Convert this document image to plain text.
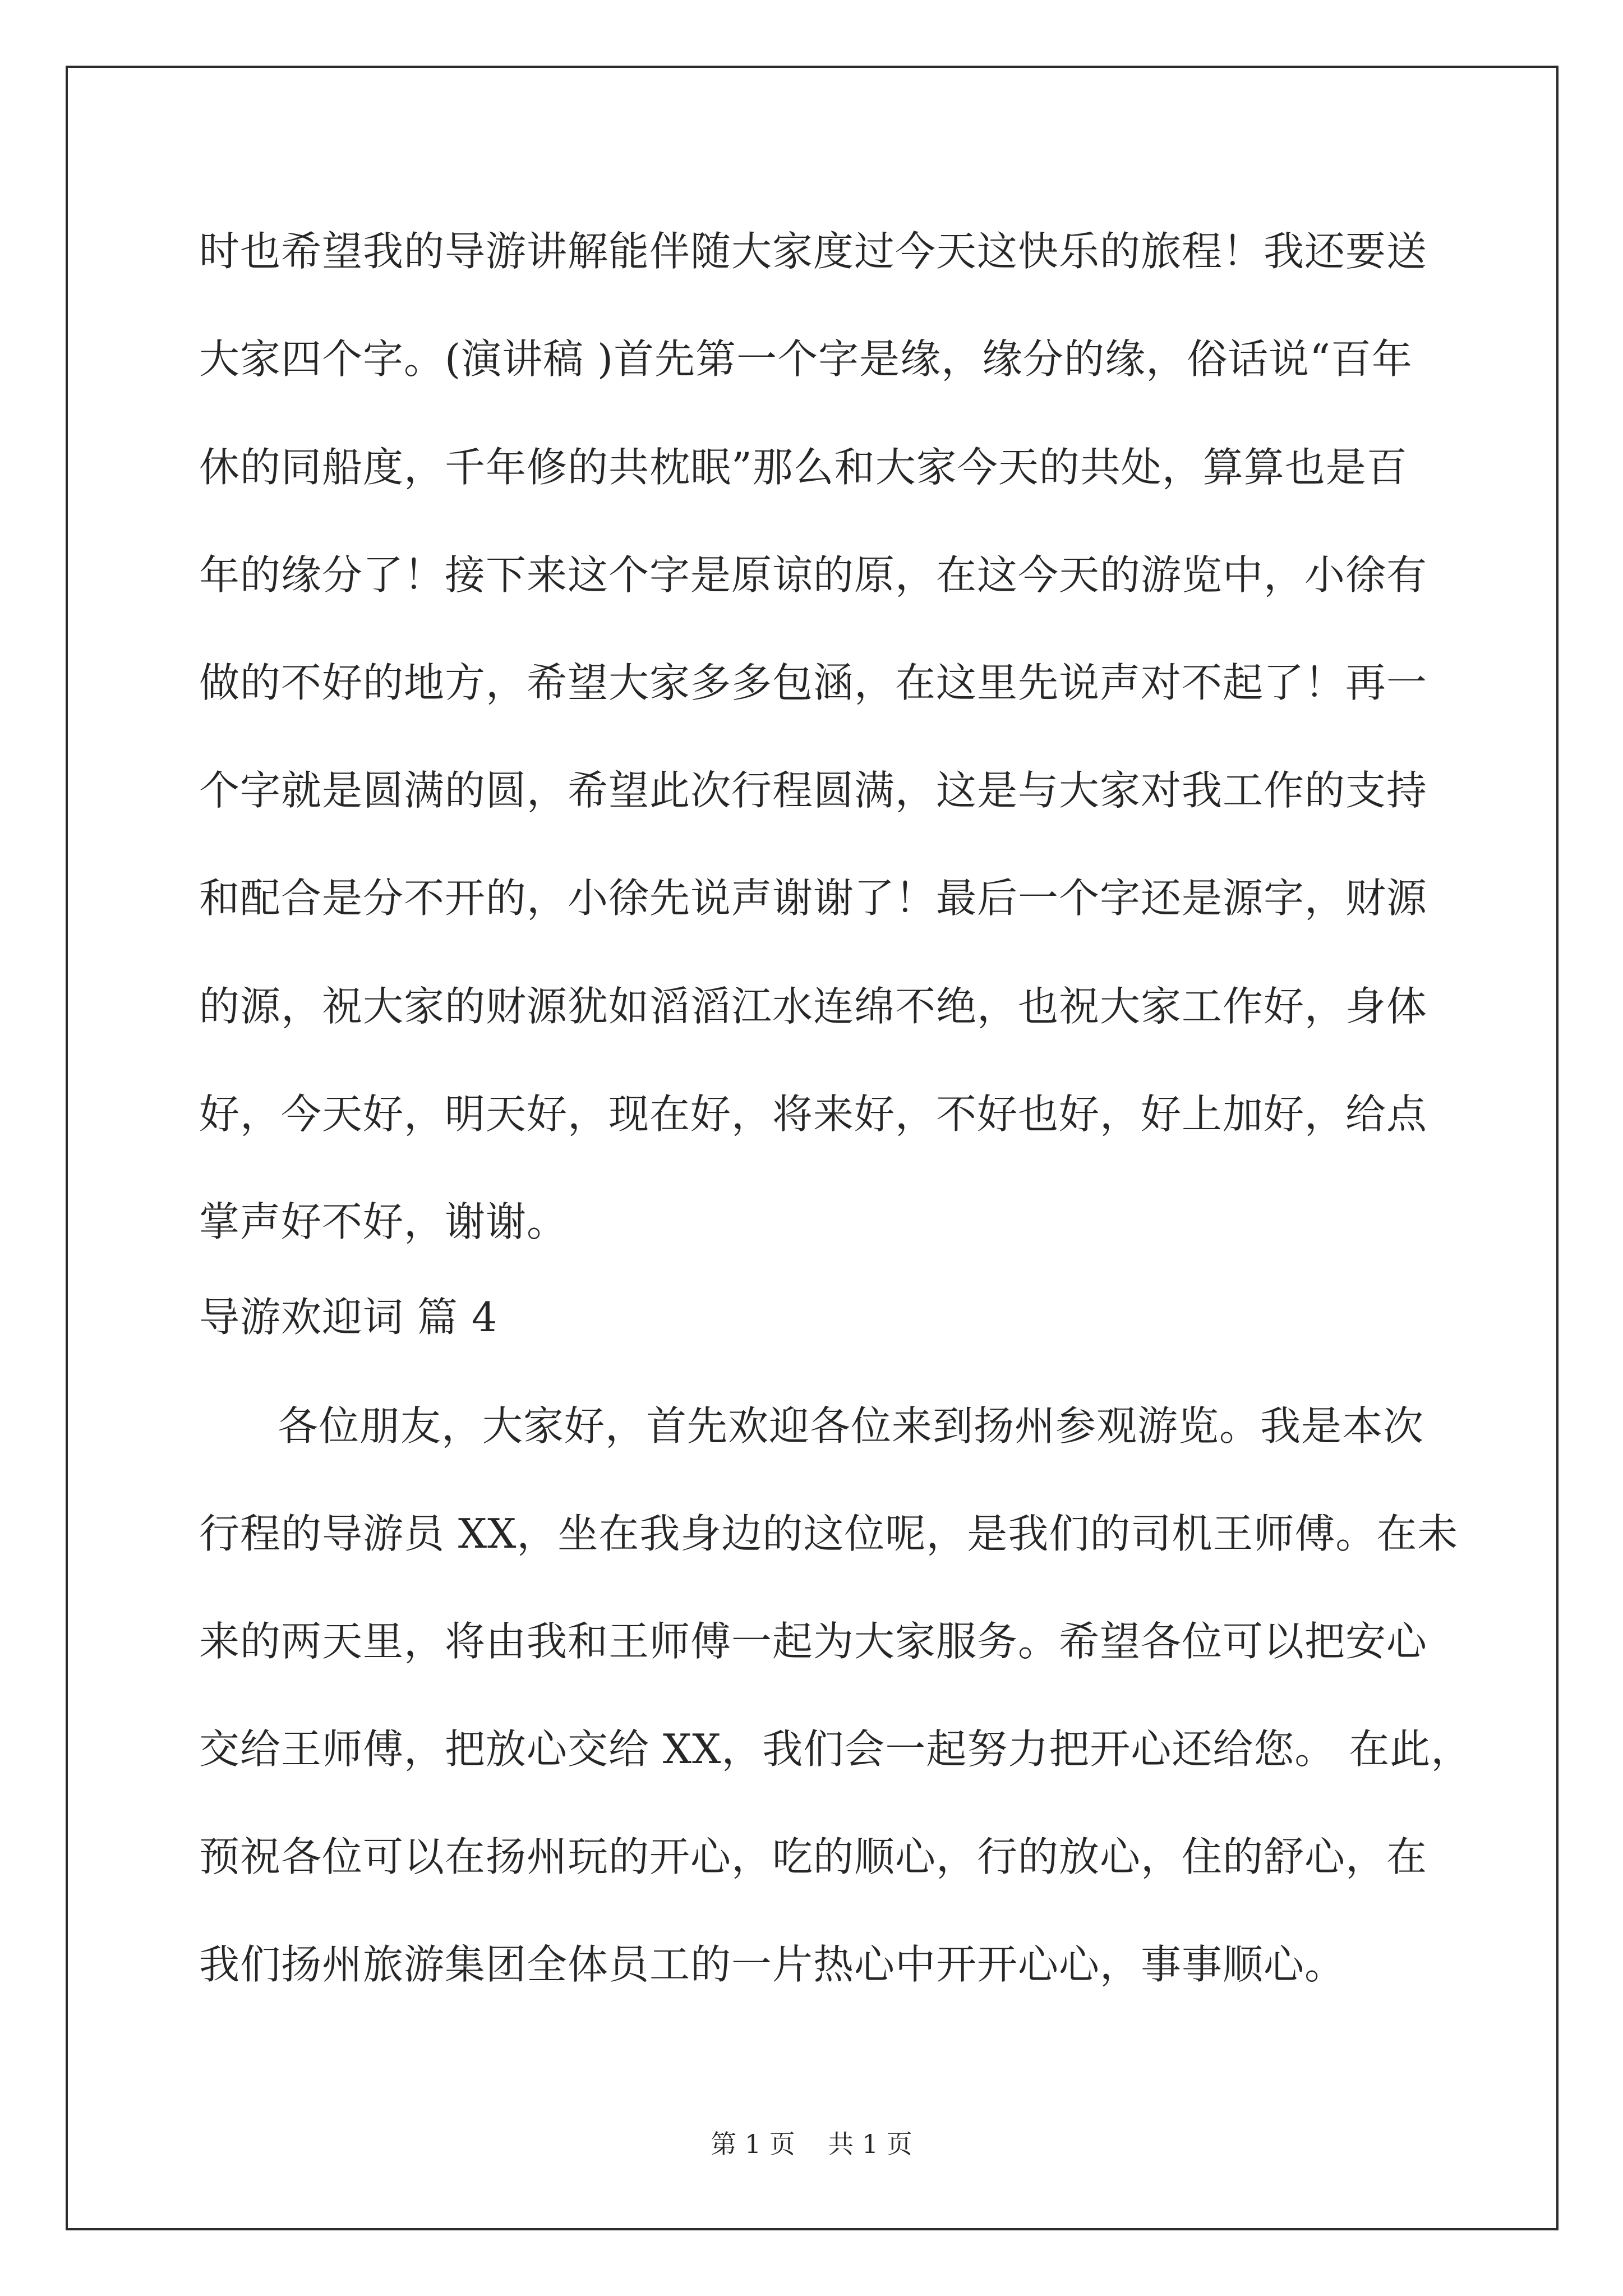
时也希望我的导游讲解能伴随大家度过今天这快乐的旅程！我还要送

大家四个字。(演讲稿 )首先第一个字是缘，缘分的缘，俗话说“百年

休的同船度，千年修的共枕眠”那么和大家今天的共处，算算也是百

年的缘分了！接下来这个字是原谅的原，在这今天的游览中，小徐有

做的不好的地方，希望大家多多包涵，在这里先说声对不起了！再一

个字就是圆满的圆，希望此次行程圆满，这是与大家对我工作的支持

和配合是分不开的，小徐先说声谢谢了！最后一个字还是源字，财源

的源，祝大家的财源犹如滔滔江水连绵不绝，也祝大家工作好，身体

好，今天好，明天好，现在好，将来好，不好也好，好上加好，给点

掌声好不好，谢谢。

导游欢迎词 篇 4

各位朋友，大家好，首先欢迎各位来到扬州参观游览。我是本次

行程的导游员 XX，坐在我身边的这位呢，是我们的司机王师傅。在未

来的两天里，将由我和王师傅一起为大家服务。希望各位可以把安心

交给王师傅，把放心交给 XX，我们会一起努力把开心还给您。 在此，

预祝各位可以在扬州玩的开心，吃的顺心，行的放心，住的舒心，在

我们扬州旅游集团全体员工的一片热心中开开心心，事事顺心。

第 1 页    共 1 页
